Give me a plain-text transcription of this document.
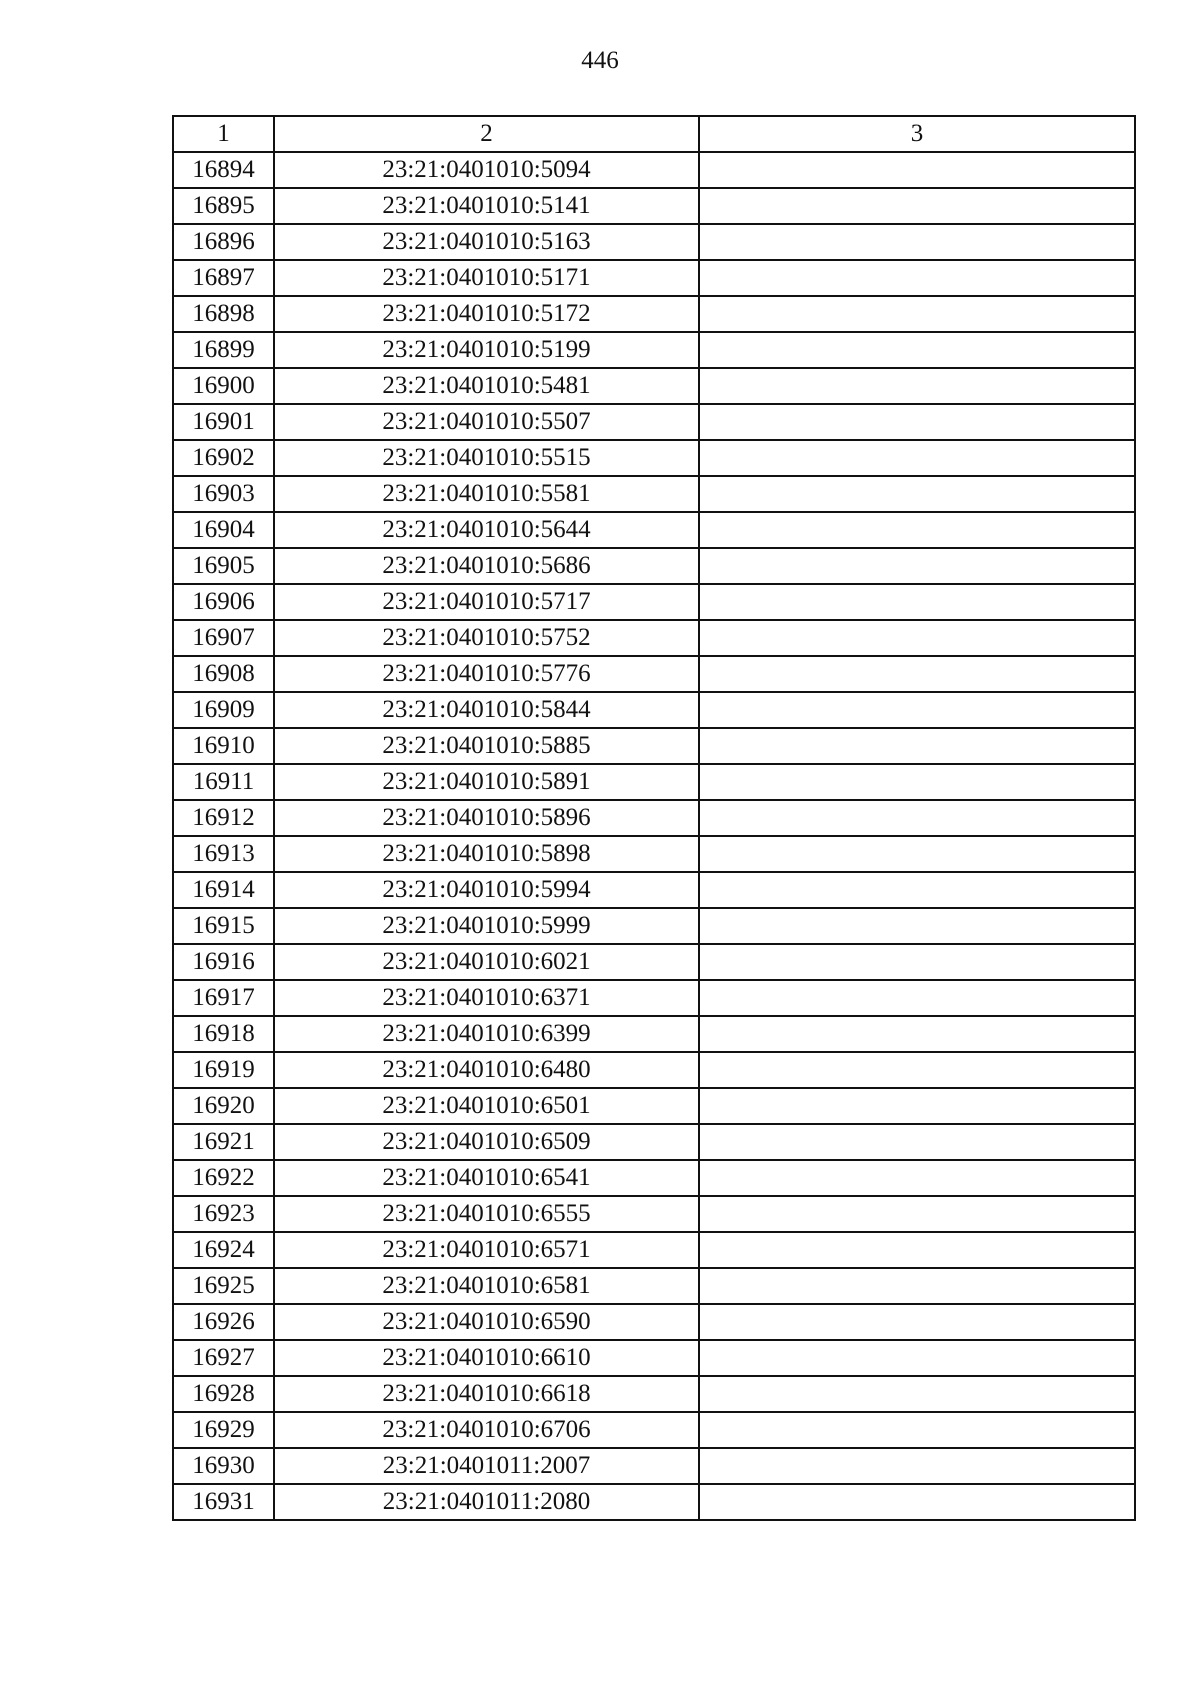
446
1	2	3
16894	23:21:0401010:5094	
16895	23:21:0401010:5141	
16896	23:21:0401010:5163	
16897	23:21:0401010:5171	
16898	23:21:0401010:5172	
16899	23:21:0401010:5199	
16900	23:21:0401010:5481	
16901	23:21:0401010:5507	
16902	23:21:0401010:5515	
16903	23:21:0401010:5581	
16904	23:21:0401010:5644	
16905	23:21:0401010:5686	
16906	23:21:0401010:5717	
16907	23:21:0401010:5752	
16908	23:21:0401010:5776	
16909	23:21:0401010:5844	
16910	23:21:0401010:5885	
16911	23:21:0401010:5891	
16912	23:21:0401010:5896	
16913	23:21:0401010:5898	
16914	23:21:0401010:5994	
16915	23:21:0401010:5999	
16916	23:21:0401010:6021	
16917	23:21:0401010:6371	
16918	23:21:0401010:6399	
16919	23:21:0401010:6480	
16920	23:21:0401010:6501	
16921	23:21:0401010:6509	
16922	23:21:0401010:6541	
16923	23:21:0401010:6555	
16924	23:21:0401010:6571	
16925	23:21:0401010:6581	
16926	23:21:0401010:6590	
16927	23:21:0401010:6610	
16928	23:21:0401010:6618	
16929	23:21:0401010:6706	
16930	23:21:0401011:2007	
16931	23:21:0401011:2080	
